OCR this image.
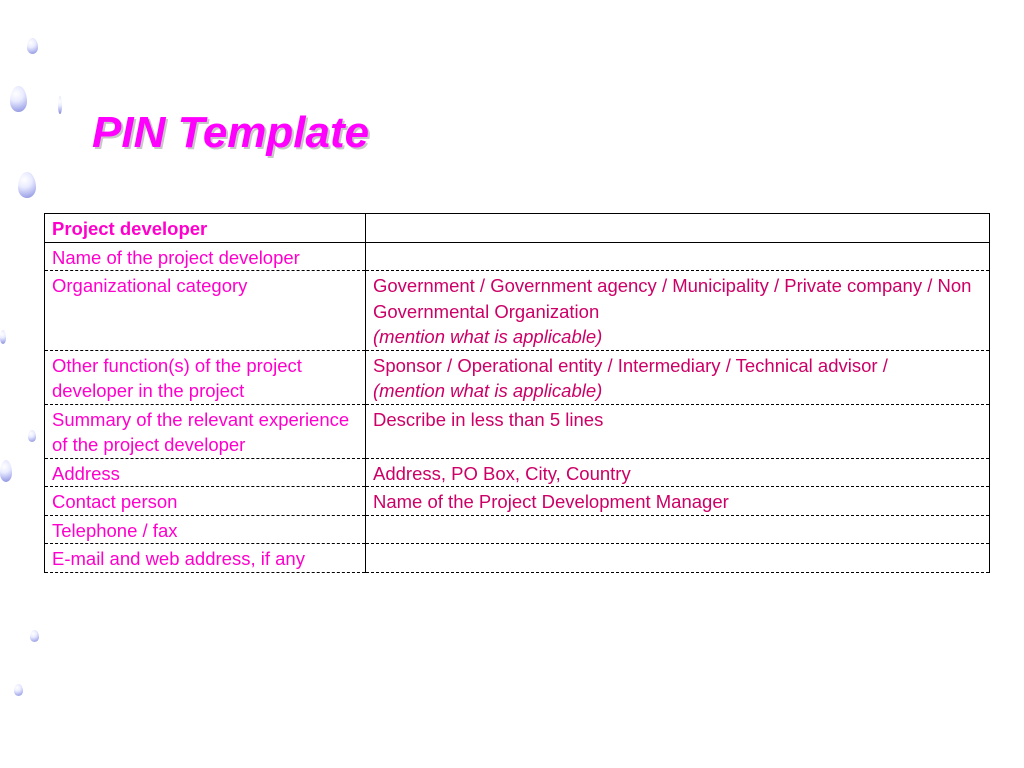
PIN Template
Project developer	
Name of the project developer	
Organizational category	Government / Government agency / Municipality / Private company / Non Governmental Organization
(mention what is applicable)
Other function(s) of the project developer in the project	Sponsor / Operational entity / Intermediary / Technical advisor /
(mention what is applicable)
Summary of the relevant experience of the project developer	Describe in less than 5 lines
Address	Address, PO Box, City, Country
Contact person	Name of the Project Development Manager
Telephone / fax	
E-mail and web address, if any	
